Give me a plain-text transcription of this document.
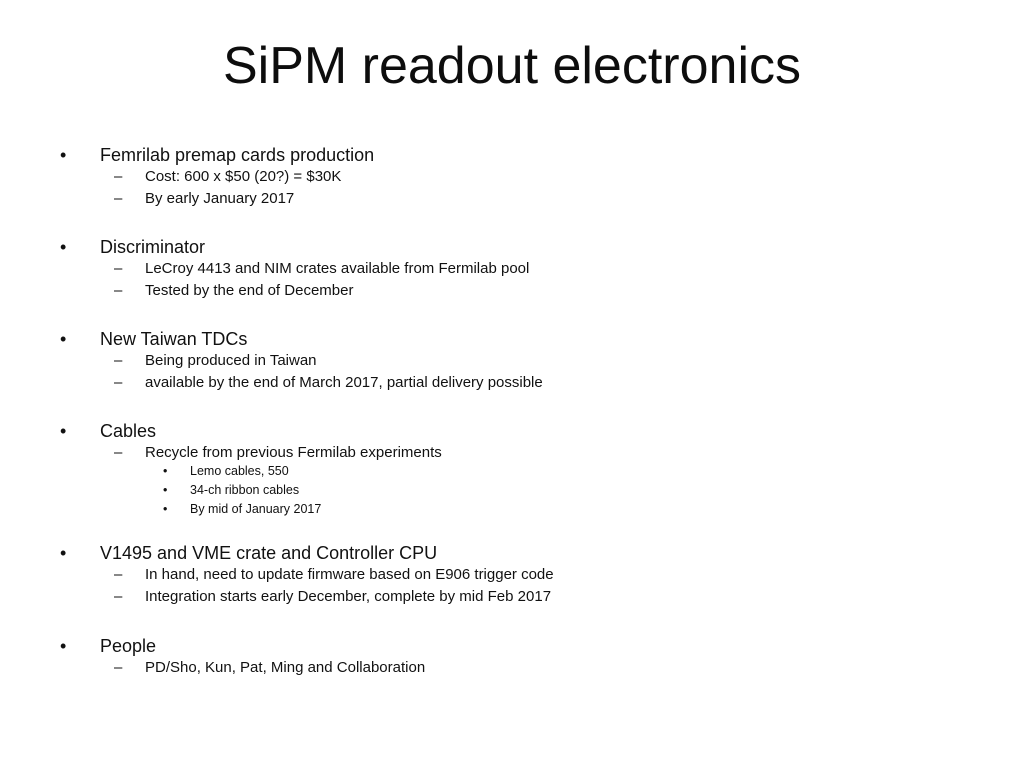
SiPM readout electronics
• Femrilab premap cards production
– Cost: 600 x $50 (20?) = $30K
– By early January 2017
• Discriminator
– LeCroy 4413 and NIM crates available from Fermilab pool
– Tested by the end of December
• New Taiwan TDCs
– Being produced in Taiwan
– available by the end of March 2017, partial delivery possible
• Cables
– Recycle from previous Fermilab experiments
• Lemo cables, 550
• 34-ch ribbon cables
• By mid of January 2017
• V1495 and VME crate and Controller CPU
– In hand, need to update firmware based on E906 trigger code
– Integration starts early December, complete by mid Feb 2017
• People
– PD/Sho, Kun, Pat, Ming and Collaboration
